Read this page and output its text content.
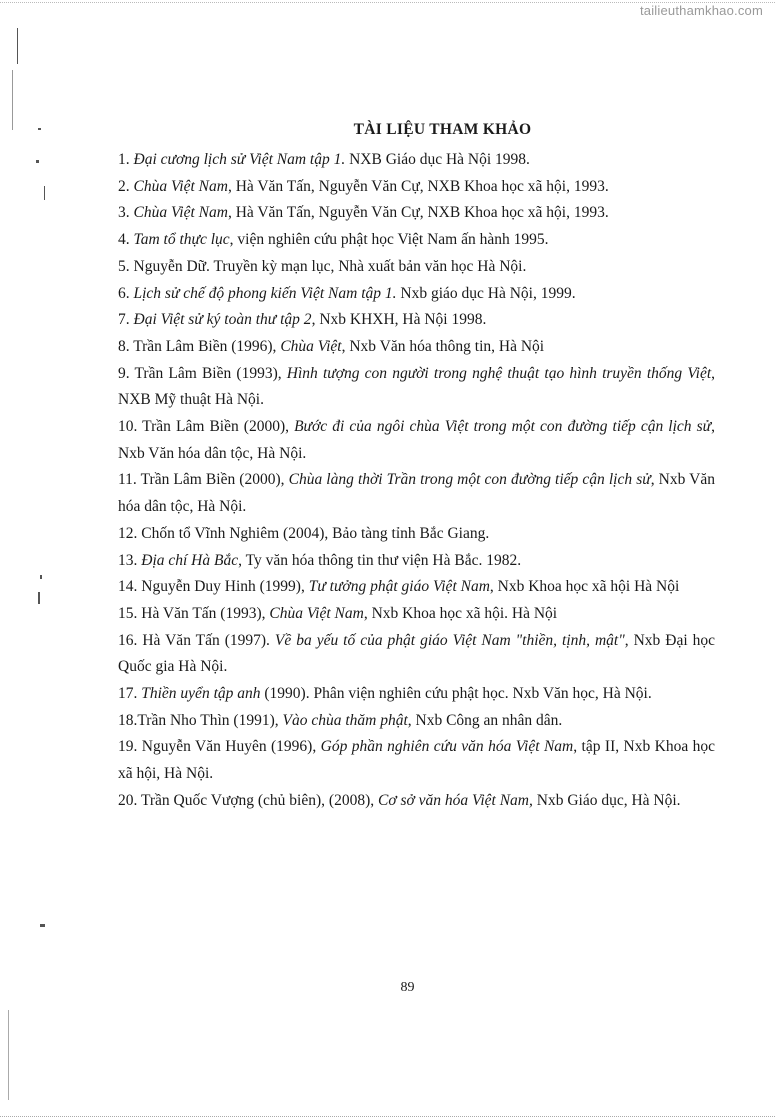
tailieuthamkhao.com
TÀI LIỆU THAM KHẢO
1. Đại cương lịch sử Việt Nam tập 1. NXB Giáo dục Hà Nội 1998.
2. Chùa Việt Nam, Hà Văn Tấn, Nguyễn Văn Cự, NXB Khoa học xã hội, 1993.
3. Chùa Việt Nam, Hà Văn Tấn, Nguyễn Văn Cự, NXB Khoa học xã hội, 1993.
4. Tam tổ thực lục, viện nghiên cứu phật học Việt Nam ấn hành 1995.
5. Nguyễn Dữ. Truyền kỳ mạn lục, Nhà xuất bản văn học Hà Nội.
6. Lịch sử chế độ phong kiến Việt Nam tập 1. Nxb giáo dục Hà Nội, 1999.
7. Đại Việt sử ký toàn thư tập 2, Nxb KHXH, Hà Nội 1998.
8. Trần Lâm Biền (1996), Chùa Việt, Nxb Văn hóa thông tin, Hà Nội
9. Trần Lâm Biền (1993), Hình tượng con người trong nghệ thuật tạo hình truyền thống Việt, NXB Mỹ thuật Hà Nội.
10. Trần Lâm Biền (2000), Bước đi của ngôi chùa Việt trong một con đường tiếp cận lịch sử, Nxb Văn hóa dân tộc, Hà Nội.
11. Trần Lâm Biền (2000), Chùa làng thời Trần trong một con đường tiếp cận lịch sử, Nxb Văn hóa dân tộc, Hà Nội.
12. Chốn tổ Vĩnh Nghiêm (2004), Bảo tàng tỉnh Bắc Giang.
13. Địa chí Hà Bắc, Ty văn hóa thông tin thư viện Hà Bắc. 1982.
14. Nguyễn Duy Hinh (1999), Tư tưởng phật giáo Việt Nam, Nxb Khoa học xã hội Hà Nội
15. Hà Văn Tấn (1993), Chùa Việt Nam, Nxb Khoa học xã hội. Hà Nội
16. Hà Văn Tấn (1997). Về ba yếu tố của phật giáo Việt Nam "thiền, tịnh, mật", Nxb Đại học Quốc gia Hà Nội.
17. Thiền uyển tập anh (1990). Phân viện nghiên cứu phật học. Nxb Văn học, Hà Nội.
18.Trần Nho Thìn (1991), Vào chùa thăm phật, Nxb Công an nhân dân.
19. Nguyễn Văn Huyên (1996), Góp phần nghiên cứu văn hóa Việt Nam, tập II, Nxb Khoa học xã hội, Hà Nội.
20. Trần Quốc Vượng (chủ biên), (2008), Cơ sở văn hóa Việt Nam, Nxb Giáo dục, Hà Nội.
89
